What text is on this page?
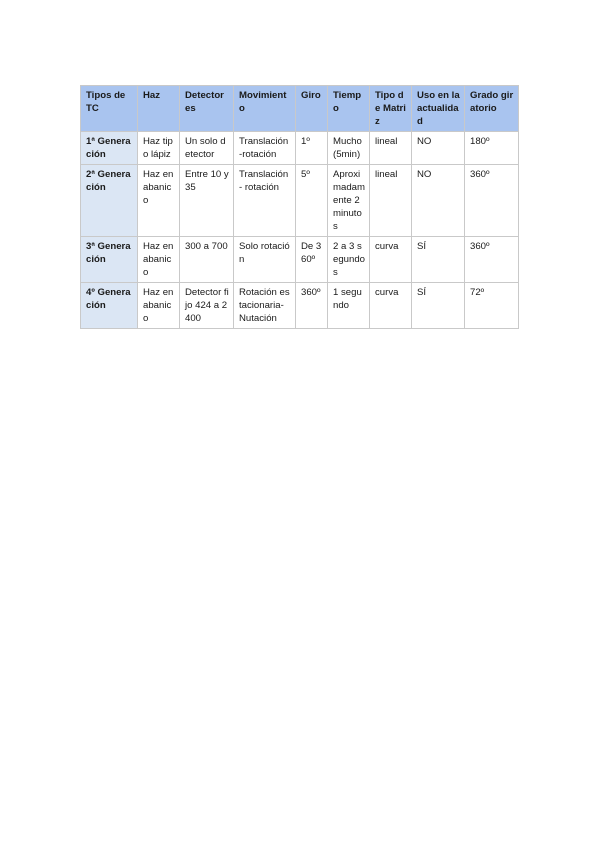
Tipos de TC	Haz	Detectores	Movimiento	Giro	Tiempo	Tipo de Matriz	Uso en la actualidad	Grado giratorio
1ª Generación	Haz tipo lápiz	Un solo detector	Translación-rotación	1º	Mucho (5min)	lineal	NO	180º
2ª Generación	Haz en abanico	Entre 10 y 35	Translación- rotación	5º	Aproximadamente 2 minutos	lineal	NO	360º
3ª Generación	Haz en abanico	300 a 700	Solo rotación	De 360º	2 a 3 segundos	curva	SÍ	360º
4º Generación	Haz en abanico	Detector fijo 424 a 2400	Rotación estacionaria- Nutación	360º	1 segundo	curva	SÍ	72º
